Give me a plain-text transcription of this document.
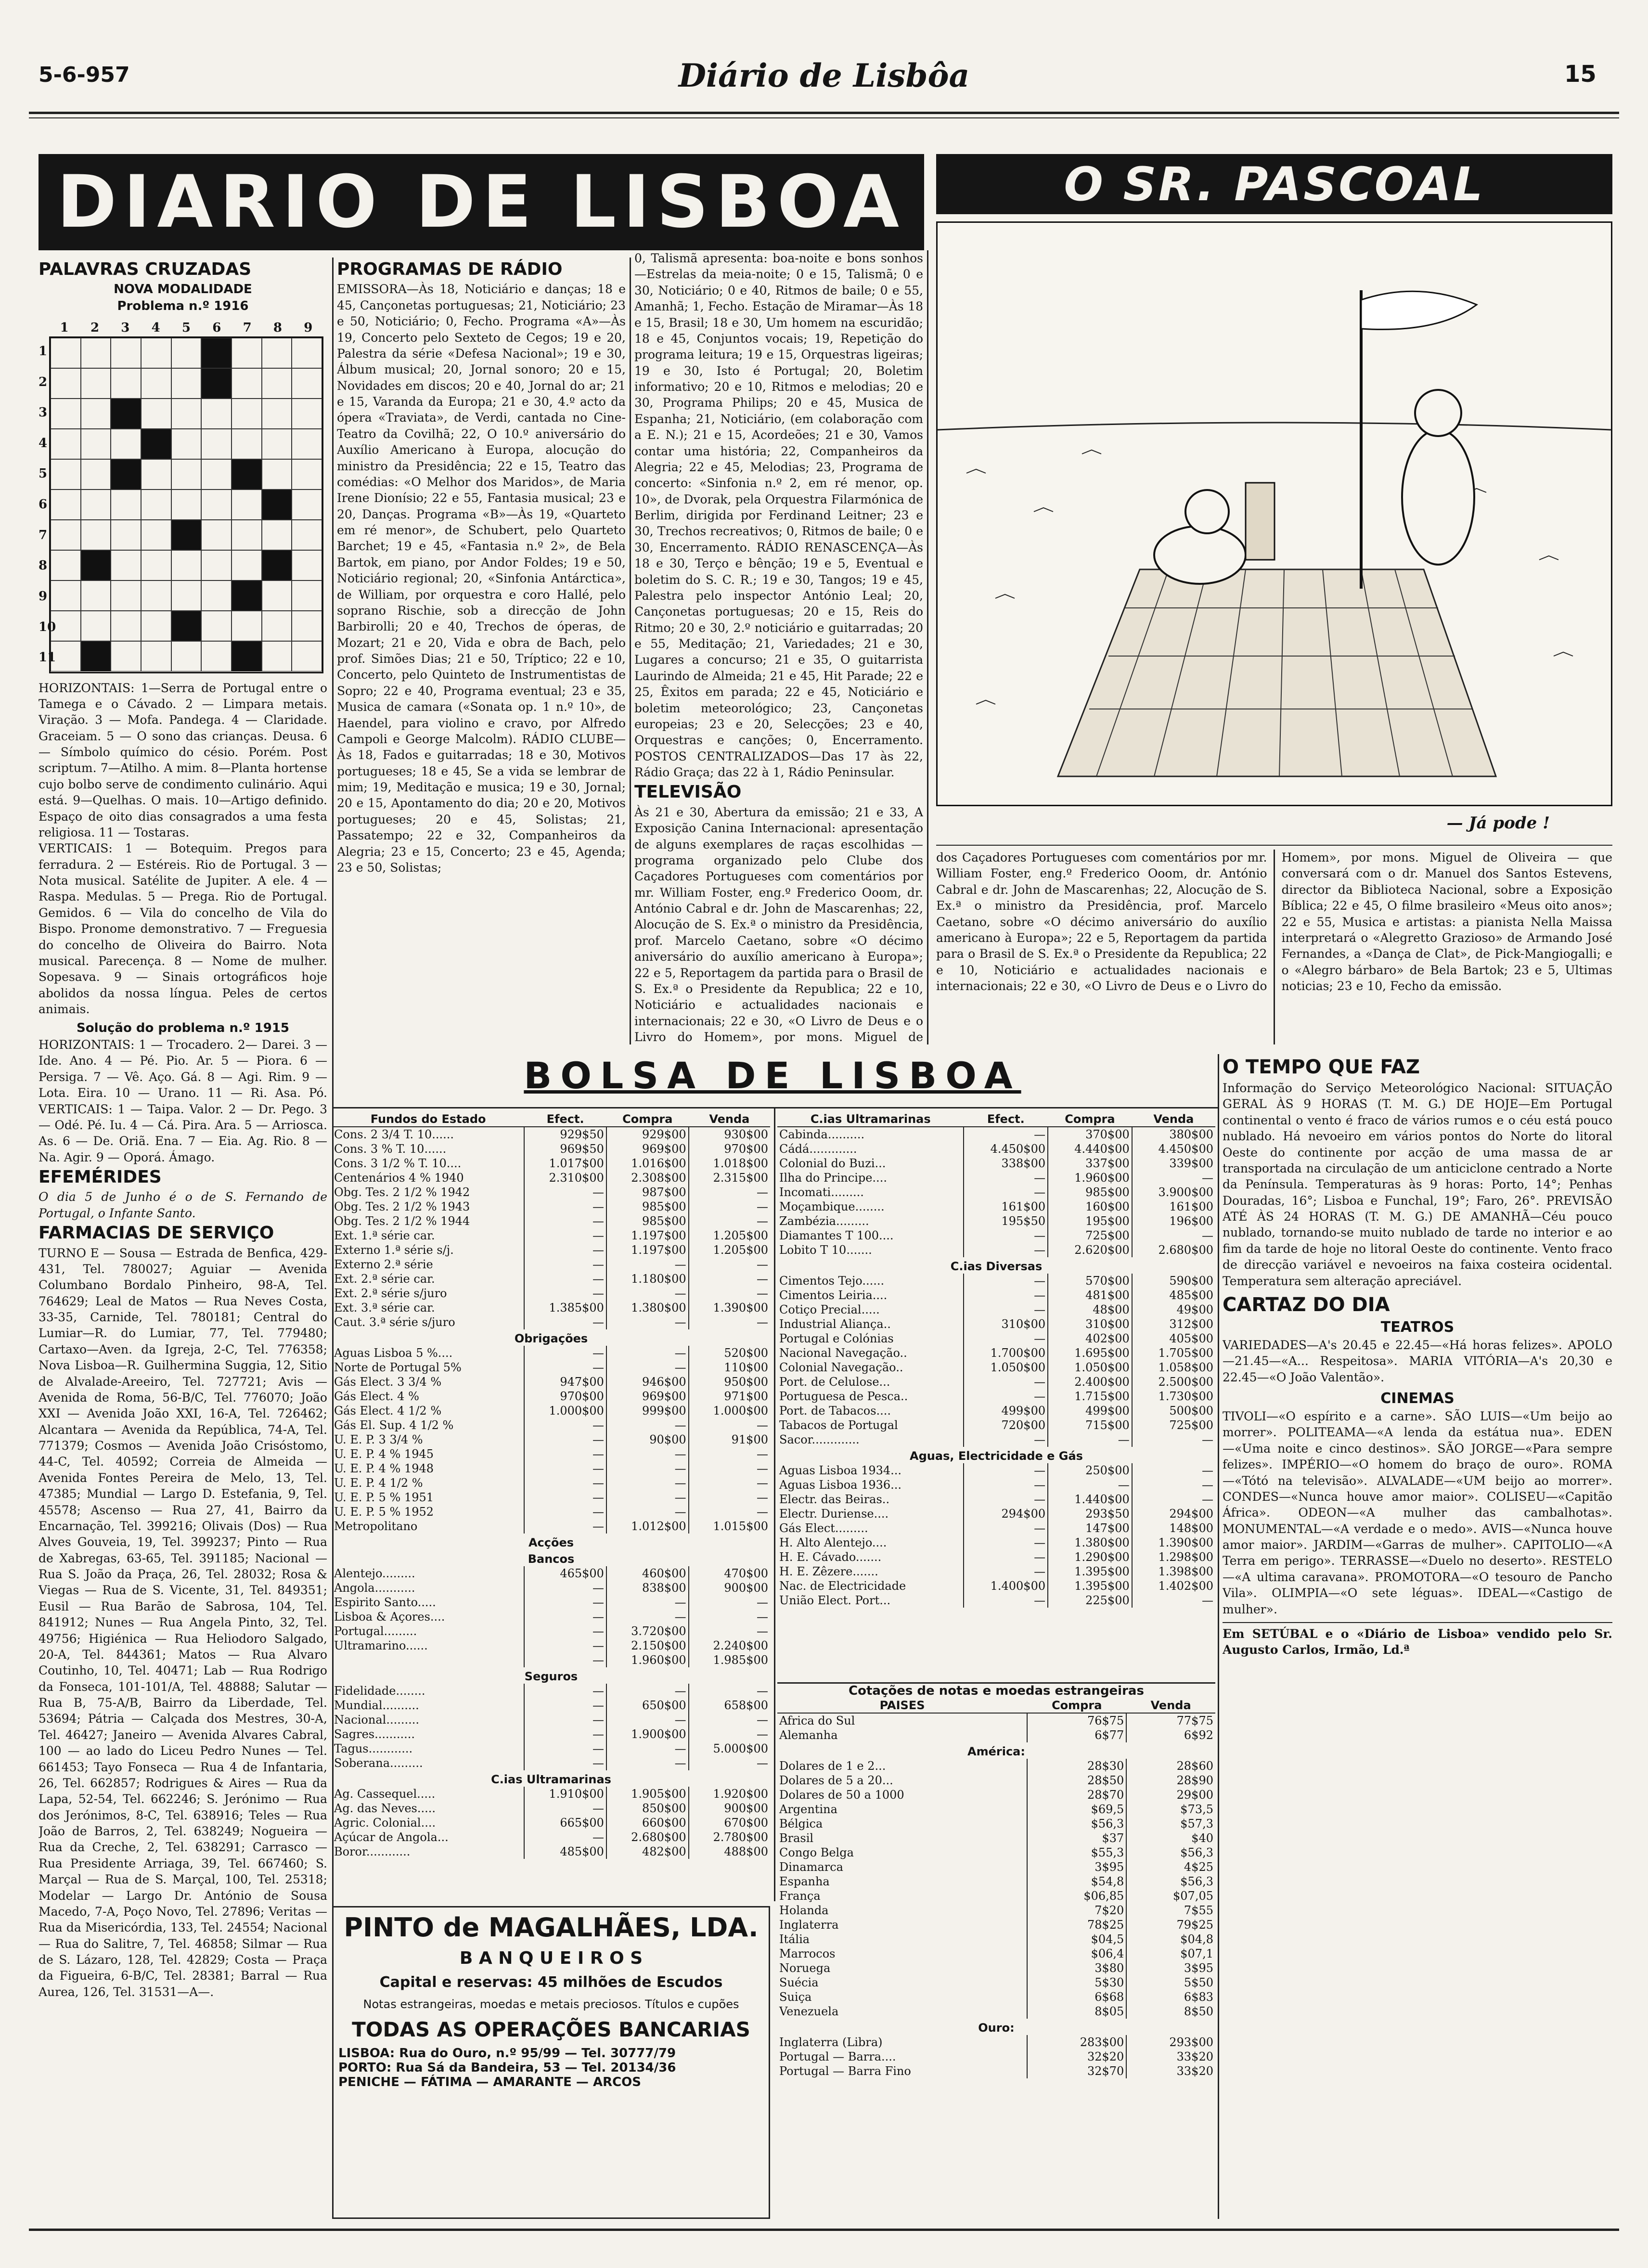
5-6-957	Diário de Lisbôa	15
DIARIO DE LISBOA	O SR. PASCOAL
PALAVRAS CRUZADAS
NOVA MODALIDADE
Problema n.º 1916
1 2 3 4 5 6 7 8 9
1
2
3
4
5
6
7
8
9
10
11

HORIZONTAIS: 1—Serra de Portugal entre o Tamega e o Cávado. 2 — Limpara metais. Viração. 3 — Mofa. Pandega. 4 — Claridade. Graceiam. 5 — O sono das crianças. Deusa. 6 — Símbolo químico do césio. Porém. Post scriptum. 7—Atilho. A mim. 8—Planta hortense cujo bolbo serve de condimento culinário. Aqui está. 9—Quelhas. O mais. 10—Artigo definido. Espaço de oito dias consagrados a uma festa religiosa. 11 — Tostaras.

VERTICAIS: 1 — Botequim. Pregos para ferradura. 2 — Estéreis. Rio de Portugal. 3 — Nota musical. Satélite de Jupiter. A ele. 4 — Raspa. Medulas. 5 — Prega. Rio de Portugal. Gemidos. 6 — Vila do concelho de Vila do Bispo. Pronome demonstrativo. 7 — Freguesia do concelho de Oliveira do Bairro. Nota musical. Parecença. 8 — Nome de mulher. Sopesava. 9 — Sinais ortográficos hoje abolidos da nossa língua. Peles de certos animais.

Solução do problema n.º 1915

HORIZONTAIS: 1 — Trocadero. 2— Darei. 3 — Ide. Ano. 4 — Pé. Pio. Ar. 5 — Piora. 6 — Persiga. 7 — Vê. Aço. Gá. 8 — Agi. Rim. 9 — Lota. Eira. 10 — Urano. 11 — Ri. Asa. Pó. VERTICAIS: 1 — Taipa. Valor. 2 — Dr. Pego. 3 — Odé. Pé. Iu. 4 — Cá. Pira. Ara. 5 — Arriosca. As. 6 — De. Oriã. Ena. 7 — Eia. Ag. Rio. 8 — Na. Agir. 9 — Oporá. Ámago.

EFEMÉRIDES

O dia 5 de Junho é o de S. Fernando de Portugal, o Infante Santo.

FARMACIAS DE SERVIÇO

TURNO E — Sousa — Estrada de Benfica, 429-431, Tel. 780027; Aguiar — Avenida Columbano Bordalo Pinheiro, 98-A, Tel. 764629; Leal de Matos — Rua Neves Costa, 33-35, Carnide, Tel. 780181; Central do Lumiar—R. do Lumiar, 77, Tel. 779480; Cartaxo—Aven. da Igreja, 2-C, Tel. 776358; Nova Lisboa—R. Guilhermina Suggia, 12, Sitio de Alvalade-Areeiro, Tel. 727721; Avis — Avenida de Roma, 56-B/C, Tel. 776070; João XXI — Avenida João XXI, 16-A, Tel. 726462; Alcantara — Avenida da República, 74-A, Tel. 771379; Cosmos — Avenida João Crisóstomo, 44-C, Tel. 40592; Correia de Almeida — Avenida Fontes Pereira de Melo, 13, Tel. 47385; Mundial — Largo D. Estefania, 9, Tel. 45578; Ascenso — Rua 27, 41, Bairro da Encarnação, Tel. 399216; Olivais (Dos) — Rua Alves Gouveia, 19, Tel. 399237; Pinto — Rua de Xabregas, 63-65, Tel. 391185; Nacional — Rua S. João da Praça, 26, Tel. 28032; Rosa & Viegas — Rua de S. Vicente, 31, Tel. 849351; Eusil — Rua Barão de Sabrosa, 104, Tel. 841912; Nunes — Rua Angela Pinto, 32, Tel. 49756; Higiénica — Rua Heliodoro Salgado, 20-A, Tel. 844361; Matos — Rua Alvaro Coutinho, 10, Tel. 40471; Lab — Rua Rodrigo da Fonseca, 101-101/A, Tel. 48888; Salutar — Rua B, 75-A/B, Bairro da Liberdade, Tel. 53694; Pátria — Calçada dos Mestres, 30-A, Tel. 46427; Janeiro — Avenida Alvares Cabral, 100 — ao lado do Liceu Pedro Nunes — Tel. 661453; Tayo Fonseca — Rua 4 de Infantaria, 26, Tel. 662857; Rodrigues & Aires — Rua da Lapa, 52-54, Tel. 662246; S. Jerónimo — Rua dos Jerónimos, 8-C, Tel. 638916; Teles — Rua João de Barros, 2, Tel. 638249; Nogueira — Rua da Creche, 2, Tel. 638291; Carrasco — Rua Presidente Arriaga, 39, Tel. 667460; S. Marçal — Rua de S. Marçal, 100, Tel. 25318; Modelar — Largo Dr. António de Sousa Macedo, 7-A, Poço Novo, Tel. 27896; Veritas — Rua da Misericórdia, 133, Tel. 24554; Nacional — Rua do Salitre, 7, Tel. 46858; Silmar — Rua de S. Lázaro, 128, Tel. 42829; Costa — Praça da Figueira, 6-B/C, Tel. 28381; Barral — Rua Aurea, 126, Tel. 31531—A—.

PROGRAMAS DE RÁDIO

EMISSORA—Às 18, Noticiário e danças; 18 e 45, Cançonetas portuguesas; 21, Noticiário; 23 e 50, Noticiário; 0, Fecho. Programa «A»—Às 19, Concerto pelo Sexteto de Cegos; 19 e 20, Palestra da série «Defesa Nacional»; 19 e 30, Álbum musical; 20, Jornal sonoro; 20 e 15, Novidades em discos; 20 e 40, Jornal do ar; 21 e 15, Varanda da Europa; 21 e 30, 4.º acto da ópera «Traviata», de Verdi, cantada no Cine-Teatro da Covilhã; 22, O 10.º aniversário do Auxílio Americano à Europa, alocução do ministro da Presidência; 22 e 15, Teatro das comédias: «O Melhor dos Maridos», de Maria Irene Dionísio; 22 e 55, Fantasia musical; 23 e 20, Danças. Programa «B»—Às 19, «Quarteto em ré menor», de Schubert, pelo Quarteto Barchet; 19 e 45, «Fantasia n.º 2», de Bela Bartok, em piano, por Andor Foldes; 19 e 50, Noticiário regional; 20, «Sinfonia Antárctica», de William, por orquestra e coro Hallé, pelo soprano Rischie, sob a direcção de John Barbirolli; 20 e 40, Trechos de óperas, de Mozart; 21 e 20, Vida e obra de Bach, pelo prof. Simões Dias; 21 e 50, Tríptico; 22 e 10, Concerto, pelo Quinteto de Instrumentistas de Sopro; 22 e 40, Programa eventual; 23 e 35, Musica de camara («Sonata op. 1 n.º 10», de Haendel, para violino e cravo, por Alfredo Campoli e George Malcolm). RÁDIO CLUBE—Às 18, Fados e guitarradas; 18 e 30, Motivos portugueses; 18 e 45, Se a vida se lembrar de mim; 19, Meditação e musica; 19 e 30, Jornal; 20 e 15, Apontamento do dia; 20 e 20, Motivos portugueses; 20 e 45, Solistas; 21, Passatempo; 22 e 32, Companheiros da Alegria; 23 e 15, Concerto; 23 e 45, Agenda; 23 e 50, Solistas;

0, Talismã apresenta: boa-noite e bons sonhos—Estrelas da meia-noite; 0 e 15, Talismã; 0 e 30, Noticiário; 0 e 40, Ritmos de baile; 0 e 55, Amanhã; 1, Fecho. Estação de Miramar—Às 18 e 15, Brasil; 18 e 30, Um homem na escuridão; 18 e 45, Conjuntos vocais; 19, Repetição do programa leitura; 19 e 15, Orquestras ligeiras; 19 e 30, Isto é Portugal; 20, Boletim informativo; 20 e 10, Ritmos e melodias; 20 e 30, Programa Philips; 20 e 45, Musica de Espanha; 21, Noticiário, (em colaboração com a E. N.); 21 e 15, Acordeões; 21 e 30, Vamos contar uma história; 22, Companheiros da Alegria; 22 e 45, Melodias; 23, Programa de concerto: «Sinfonia n.º 2, em ré menor, op. 10», de Dvorak, pela Orquestra Filarmónica de Berlim, dirigida por Ferdinand Leitner; 23 e 30, Trechos recreativos; 0, Ritmos de baile; 0 e 30, Encerramento. RÁDIO RENASCENÇA—Às 18 e 30, Terço e bênção; 19 e 5, Eventual e boletim do S. C. R.; 19 e 30, Tangos; 19 e 45, Palestra pelo inspector António Leal; 20, Cançonetas portuguesas; 20 e 15, Reis do Ritmo; 20 e 30, 2.º noticiário e guitarradas; 20 e 55, Meditação; 21, Variedades; 21 e 30, Lugares a concurso; 21 e 35, O guitarrista Laurindo de Almeida; 21 e 45, Hit Parade; 22 e 25, Êxitos em parada; 22 e 45, Noticiário e boletim meteorológico; 23, Cançonetas europeias; 23 e 20, Selecções; 23 e 40, Orquestras e canções; 0, Encerramento. POSTOS CENTRALIZADOS—Das 17 às 22, Rádio Graça; das 22 à 1, Rádio Peninsular.

TELEVISÃO

Às 21 e 30, Abertura da emissão; 21 e 33, A Exposição Canina Internacional: apresentação de alguns exemplares de raças escolhidas — programa organizado pelo Clube dos Caçadores Portugueses com comentários por mr. William Foster, eng.º Frederico Ooom, dr. António Cabral e dr. John de Mascarenhas; 22, Alocução de S. Ex.ª o ministro da Presidência, prof. Marcelo Caetano, sobre «O décimo aniversário do auxílio americano à Europa»; 22 e 5, Reportagem da partida para o Brasil de S. Ex.ª o Presidente da Republica; 22 e 10, Noticiário e actualidades nacionais e internacionais; 22 e 30, «O Livro de Deus e o Livro do Homem», por mons. Miguel de

— Já pode !

dos Caçadores Portugueses com comentários por mr. William Foster, eng.º Frederico Ooom, dr. António Cabral e dr. John de Mascarenhas; 22, Alocução de S. Ex.ª o ministro da Presidência, prof. Marcelo Caetano, sobre «O décimo aniversário do auxílio americano à Europa»; 22 e 5, Reportagem da partida para o Brasil de S. Ex.ª o Presidente da Republica; 22 e 10, Noticiário e actualidades nacionais e internacionais; 22 e 30, «O Livro de Deus e o Livro do Homem», por mons. Miguel de Oliveira — que conversará com o dr. Manuel dos Santos Estevens, director da Biblioteca Nacional, sobre a Exposição Bíblica; 22 e 45, O filme brasileiro «Meus oito anos»; 22 e 55, Musica e artistas: a pianista Nella Maissa interpretará o «Alegretto Grazioso» de Armando José Fernandes, a «Dança de Clat», de Pick-Mangiogalli; e o «Alegro bárbaro» de Bela Bartok; 23 e 5, Ultimas noticias; 23 e 10, Fecho da emissão.

BOLSA DE LISBOA
Fundos do Estado	Efect.	Compra	Venda
Cons. 2 3/4 T. 10......	929$50	929$00	930$00
Cons. 3 % T. 10......	969$50	969$00	970$00
Cons. 3 1/2 % T. 10....	1.017$00	1.016$00	1.018$00
Centenários 4 % 1940	2.310$00	2.308$00	2.315$00
Obg. Tes. 2 1/2 % 1942	—	987$00	—
Obg. Tes. 2 1/2 % 1943	—	985$00	—
Obg. Tes. 2 1/2 % 1944	—	985$00	—
Ext. 1.ª série car.	—	1.197$00	1.205$00
Externo 1.ª série s/j.	—	1.197$00	1.205$00
Externo 2.ª série	—	—	—
Ext. 2.ª série car.	—	1.180$00	—
Ext. 2.ª série s/juro	—	—	—
Ext. 3.ª série car.	1.385$00	1.380$00	1.390$00
Caut. 3.ª série s/juro	—	—	—
Obrigações			
Aguas Lisboa 5 %....	—	—	520$00
Norte de Portugal 5%	—	—	110$00
Gás Elect. 3 3/4 %	947$00	946$00	950$00
Gás Elect. 4 %	970$00	969$00	971$00
Gás Elect. 4 1/2 %	1.000$00	999$00	1.000$00
Gás El. Sup. 4 1/2 %	—	—	—
U. E. P. 3 3/4 %	—	90$00	91$00
U. E. P. 4 % 1945	—	—	—
U. E. P. 4 % 1948	—	—	—
U. E. P. 4 1/2 %	—	—	—
U. E. P. 5 % 1951	—	—	—
U. E. P. 5 % 1952	—	—	—
Metropolitano	—	1.012$00	1.015$00
Acções			
Bancos			
Alentejo.........	465$00	460$00	470$00
Angola...........	—	838$00	900$00
Espirito Santo.....	—	—	—
Lisboa & Açores....	—	—	—
Portugal.........	—	3.720$00	—
Ultramarino......	—	2.150$00	2.240$00
	—	1.960$00	1.985$00
Seguros			
Fidelidade........	—	—	—
Mundial..........	—	650$00	658$00
Nacional.........	—	—	—
Sagres...........	—	1.900$00	—
Tagus............	—	—	5.000$00
Soberana.........	—	—	—
C.ias Ultramarinas			
Ag. Cassequel.....	1.910$00	1.905$00	1.920$00
Ag. das Neves.....	—	850$00	900$00
Agric. Colonial....	665$00	660$00	670$00
Açúcar de Angola...	—	2.680$00	2.780$00
Boror............	485$00	482$00	488$00
C.ias Ultramarinas	Efect.	Compra	Venda
Cabinda..........	—	370$00	380$00
Cádá.............	4.450$00	4.440$00	4.450$00
Colonial do Buzi...	338$00	337$00	339$00
Ilha do Principe....	—	1.960$00	—
Incomati.........	—	985$00	3.900$00
Moçambique........	161$00	160$00	161$00
Zambézia.........	195$50	195$00	196$00
Diamantes T 100....	—	725$00	—
Lobito T 10.......	—	2.620$00	2.680$00
C.ias Diversas			
Cimentos Tejo......	—	570$00	590$00
Cimentos Leiria....	—	481$00	485$00
Cotiço Precial.....	—	48$00	49$00
Industrial Aliança..	310$00	310$00	312$00
Portugal e Colónias	—	402$00	405$00
Nacional Navegação..	1.700$00	1.695$00	1.705$00
Colonial Navegação..	1.050$00	1.050$00	1.058$00
Port. de Celulose...	—	2.400$00	2.500$00
Portuguesa de Pesca..	—	1.715$00	1.730$00
Port. de Tabacos....	499$00	499$00	500$00
Tabacos de Portugal	720$00	715$00	725$00
Sacor.............	—	—	—
Aguas, Electricidade e Gás			
Aguas Lisboa 1934...	—	250$00	—
Aguas Lisboa 1936...	—	—	—
Electr. das Beiras..	—	1.440$00	—
Electr. Duriense....	294$00	293$50	294$00
Gás Elect.........	—	147$00	148$00
H. Alto Alentejo....	—	1.380$00	1.390$00
H. E. Cávado.......	—	1.290$00	1.298$00
H. E. Zêzere.......	—	1.395$00	1.398$00
Nac. de Electricidade	1.400$00	1.395$00	1.402$00
União Elect. Port...	—	225$00	—
Cotações de notas e moedas estrangeiras
PAISES	Compra	Venda
Africa do Sul	76$75	77$75
Alemanha	6$77	6$92
América:		
Dolares de 1 e 2...	28$30	28$60
Dolares de 5 a 20...	28$50	28$90
Dolares de 50 a 1000	28$70	29$00
Argentina	$69,5	$73,5
Bélgica	$56,3	$57,3
Brasil	$37	$40
Congo Belga	$55,3	$56,3
Dinamarca	3$95	4$25
Espanha	$54,8	$56,3
França	$06,85	$07,05
Holanda	7$20	7$55
Inglaterra	78$25	79$25
Itália	$04,5	$04,8
Marrocos	$06,4	$07,1
Noruega	3$80	3$95
Suécia	5$30	5$50
Suiça	6$68	6$83
Venezuela	8$05	8$50
Ouro:		
Inglaterra (Libra)	283$00	293$00
Portugal — Barra....	32$20	33$20
Portugal — Barra Fino	32$70	33$20
PINTO de MAGALHÃES, LDA.
B A N Q U E I R O S
Capital e reservas: 45 milhões de Escudos
Notas estrangeiras, moedas e metais preciosos. Títulos e cupões
TODAS AS OPERAÇÕES BANCARIAS
LISBOA: Rua do Ouro, n.º 95/99 — Tel. 30777/79
PORTO: Rua Sá da Bandeira, 53 — Tel. 20134/36
PENICHE — FÁTIMA — AMARANTE — ARCOS
O TEMPO QUE FAZ

Informação do Serviço Meteorológico Nacional: SITUAÇÃO GERAL ÀS 9 HORAS (T. M. G.) DE HOJE—Em Portugal continental o vento é fraco de vários rumos e o céu está pouco nublado. Há nevoeiro em vários pontos do Norte do litoral Oeste do continente por acção de uma massa de ar transportada na circulação de um anticiclone centrado a Norte da Península. Temperaturas às 9 horas: Porto, 14°; Penhas Douradas, 16°; Lisboa e Funchal, 19°; Faro, 26°. PREVISÃO ATÉ ÀS 24 HORAS (T. M. G.) DE AMANHÃ—Céu pouco nublado, tornando-se muito nublado de tarde no interior e ao fim da tarde de hoje no litoral Oeste do continente. Vento fraco de direcção variável e nevoeiros na faixa costeira ocidental. Temperatura sem alteração apreciável.

CARTAZ DO DIA
TEATROS

VARIEDADES—A's 20.45 e 22.45—«Há horas felizes». APOLO—21.45—«A... Respeitosa». MARIA VITÓRIA—A's 20,30 e 22.45—«O João Valentão».

CINEMAS

TIVOLI—«O espírito e a carne». SÃO LUIS—«Um beijo ao morrer». POLITEAMA—«A lenda da estátua nua». EDEN—«Uma noite e cinco destinos». SÃO JORGE—«Para sempre felizes». IMPÉRIO—«O homem do braço de ouro». ROMA—«Tótó na televisão». ALVALADE—«UM beijo ao morrer». CONDES—«Nunca houve amor maior». COLISEU—«Capitão África». ODEON—«A mulher das cambalhotas». MONUMENTAL—«A verdade e o medo». AVIS—«Nunca houve amor maior». JARDIM—«Garras de mulher». CAPITOLIO—«A Terra em perigo». TERRASSE—«Duelo no deserto». RESTELO—«A ultima caravana». PROMOTORA—«O tesouro de Pancho Vila». OLIMPIA—«O sete léguas». IDEAL—«Castigo de mulher».

Em SETÚBAL e o «Diário de Lisboa» vendido pelo Sr. Augusto Carlos, Irmão, Ld.ª
